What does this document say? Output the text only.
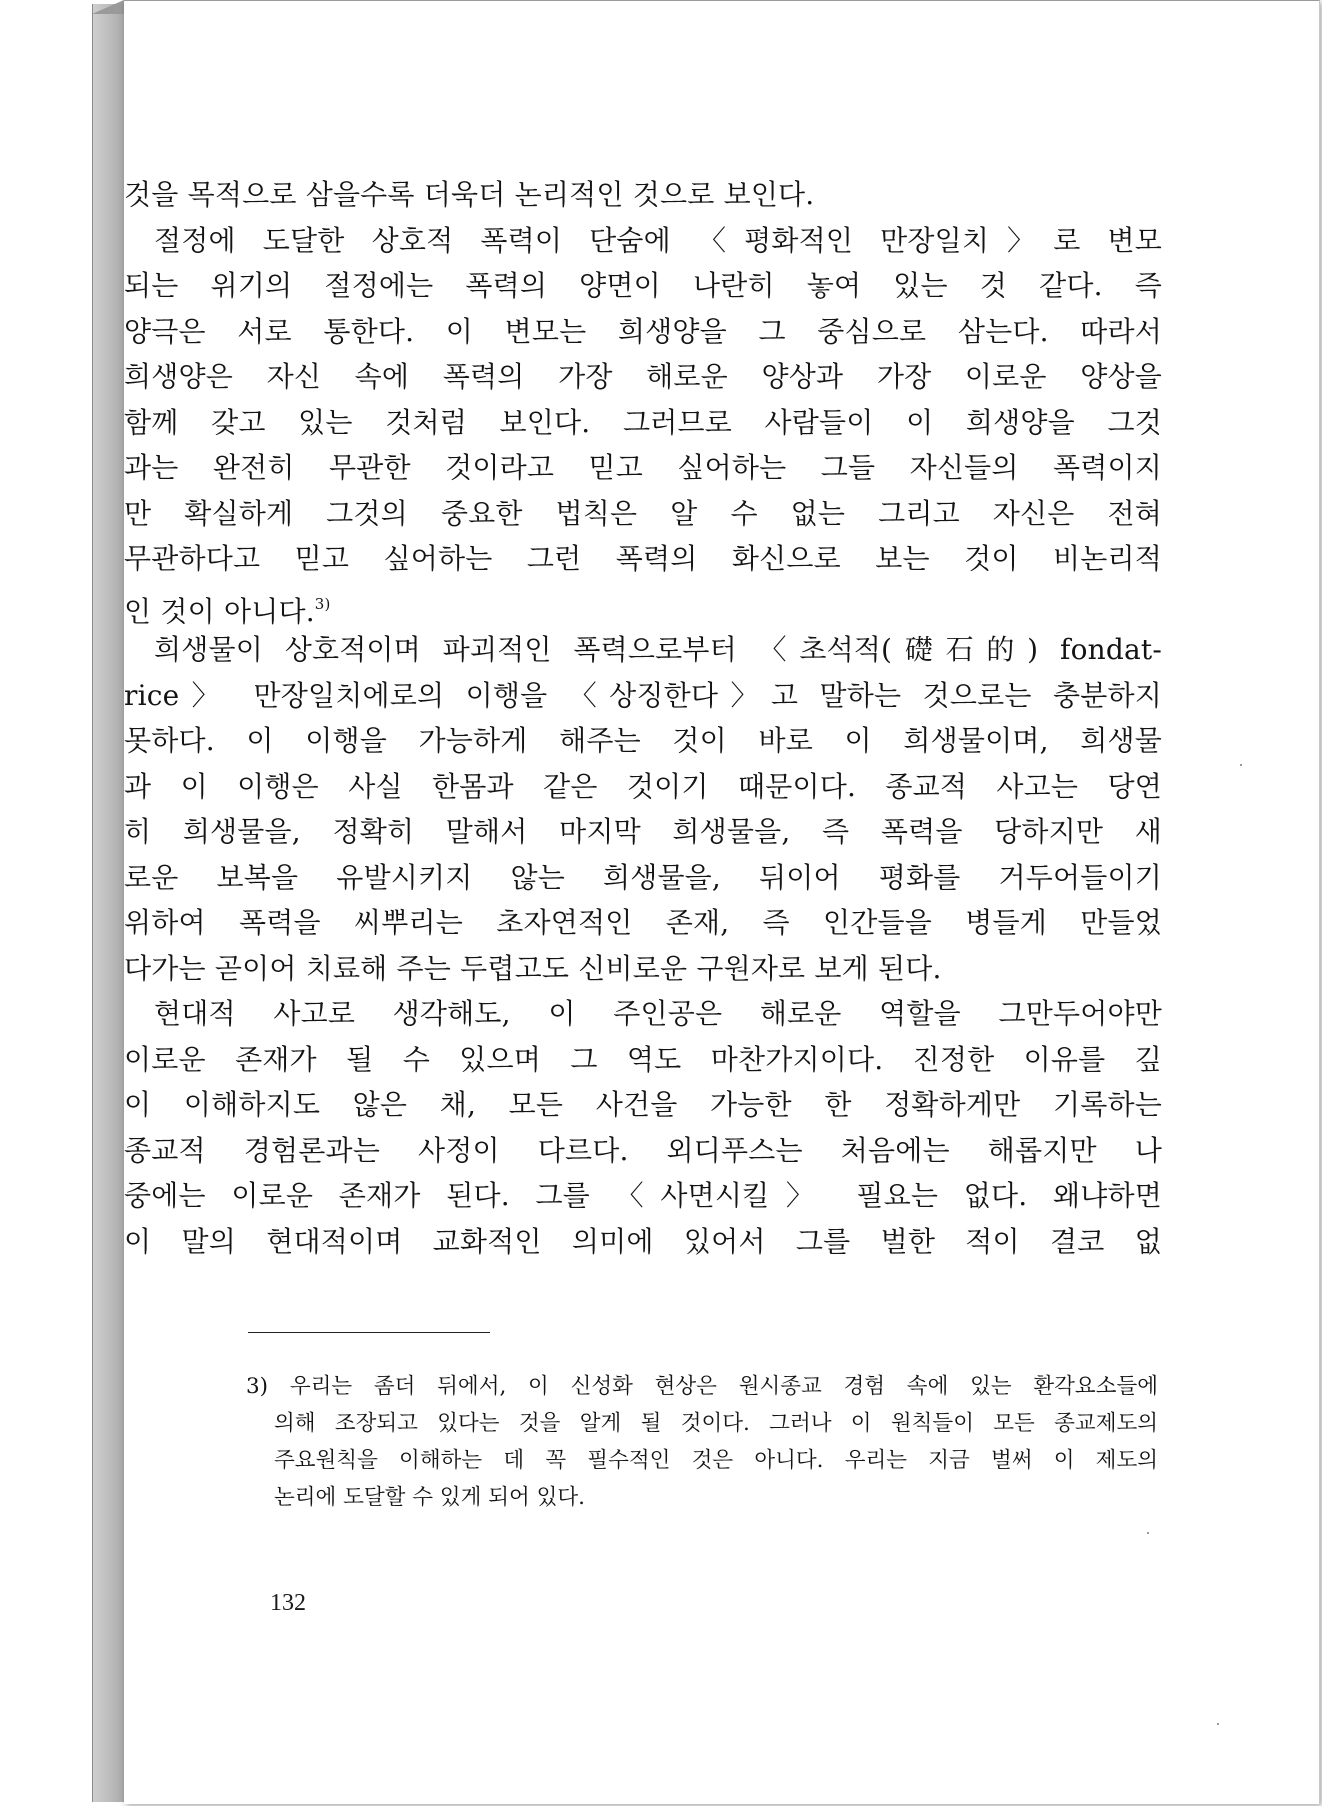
것을 목적으로 삼을수록 더욱더 논리적인 것으로 보인다.
절정에 도달한 상호적 폭력이 단숨에 〈평화적인 만장일치〉로 변모
되는 위기의 절정에는 폭력의 양면이 나란히 놓여 있는 것 같다. 즉
양극은 서로 통한다. 이 변모는 희생양을 그 중심으로 삼는다. 따라서
희생양은 자신 속에 폭력의 가장 해로운 양상과 가장 이로운 양상을
함께 갖고 있는 것처럼 보인다. 그러므로 사람들이 이 희생양을 그것
과는 완전히 무관한 것이라고 믿고 싶어하는 그들 자신들의 폭력이지
만 확실하게 그것의 중요한 법칙은 알 수 없는 그리고 자신은 전혀
무관하다고 믿고 싶어하는 그런 폭력의 화신으로 보는 것이 비논리적
인 것이 아니다.$^{3)}$
희생물이 상호적이며 파괴적인 폭력으로부터 〈초석적(礎石的) fondat-
rice〉 만장일치에로의 이행을 〈상징한다〉고 말하는 것으로는 충분하지
못하다. 이 이행을 가능하게 해주는 것이 바로 이 희생물이며, 희생물
과 이 이행은 사실 한몸과 같은 것이기 때문이다. 종교적 사고는 당연
히 희생물을, 정확히 말해서 마지막 희생물을, 즉 폭력을 당하지만 새
로운 보복을 유발시키지 않는 희생물을, 뒤이어 평화를 거두어들이기
위하여 폭력을 씨뿌리는 초자연적인 존재, 즉 인간들을 병들게 만들었
다가는 곧이어 치료해 주는 두렵고도 신비로운 구원자로 보게 된다.
현대적 사고로 생각해도, 이 주인공은 해로운 역할을 그만두어야만
이로운 존재가 될 수 있으며 그 역도 마찬가지이다. 진정한 이유를 깊
이 이해하지도 않은 채, 모든 사건을 가능한 한 정확하게만 기록하는
종교적 경험론과는 사정이 다르다. 외디푸스는 처음에는 해롭지만 나
중에는 이로운 존재가 된다. 그를 〈사면시킬〉 필요는 없다. 왜냐하면
이 말의 현대적이며 교화적인 의미에 있어서 그를 벌한 적이 결코 없
3) 우리는 좀더 뒤에서, 이 신성화 현상은 원시종교 경험 속에 있는 환각요소들에
의해 조장되고 있다는 것을 알게 될 것이다. 그러나 이 원칙들이 모든 종교제도의
주요원칙을 이해하는 데 꼭 필수적인 것은 아니다. 우리는 지금 벌써 이 제도의
논리에 도달할 수 있게 되어 있다.
132
